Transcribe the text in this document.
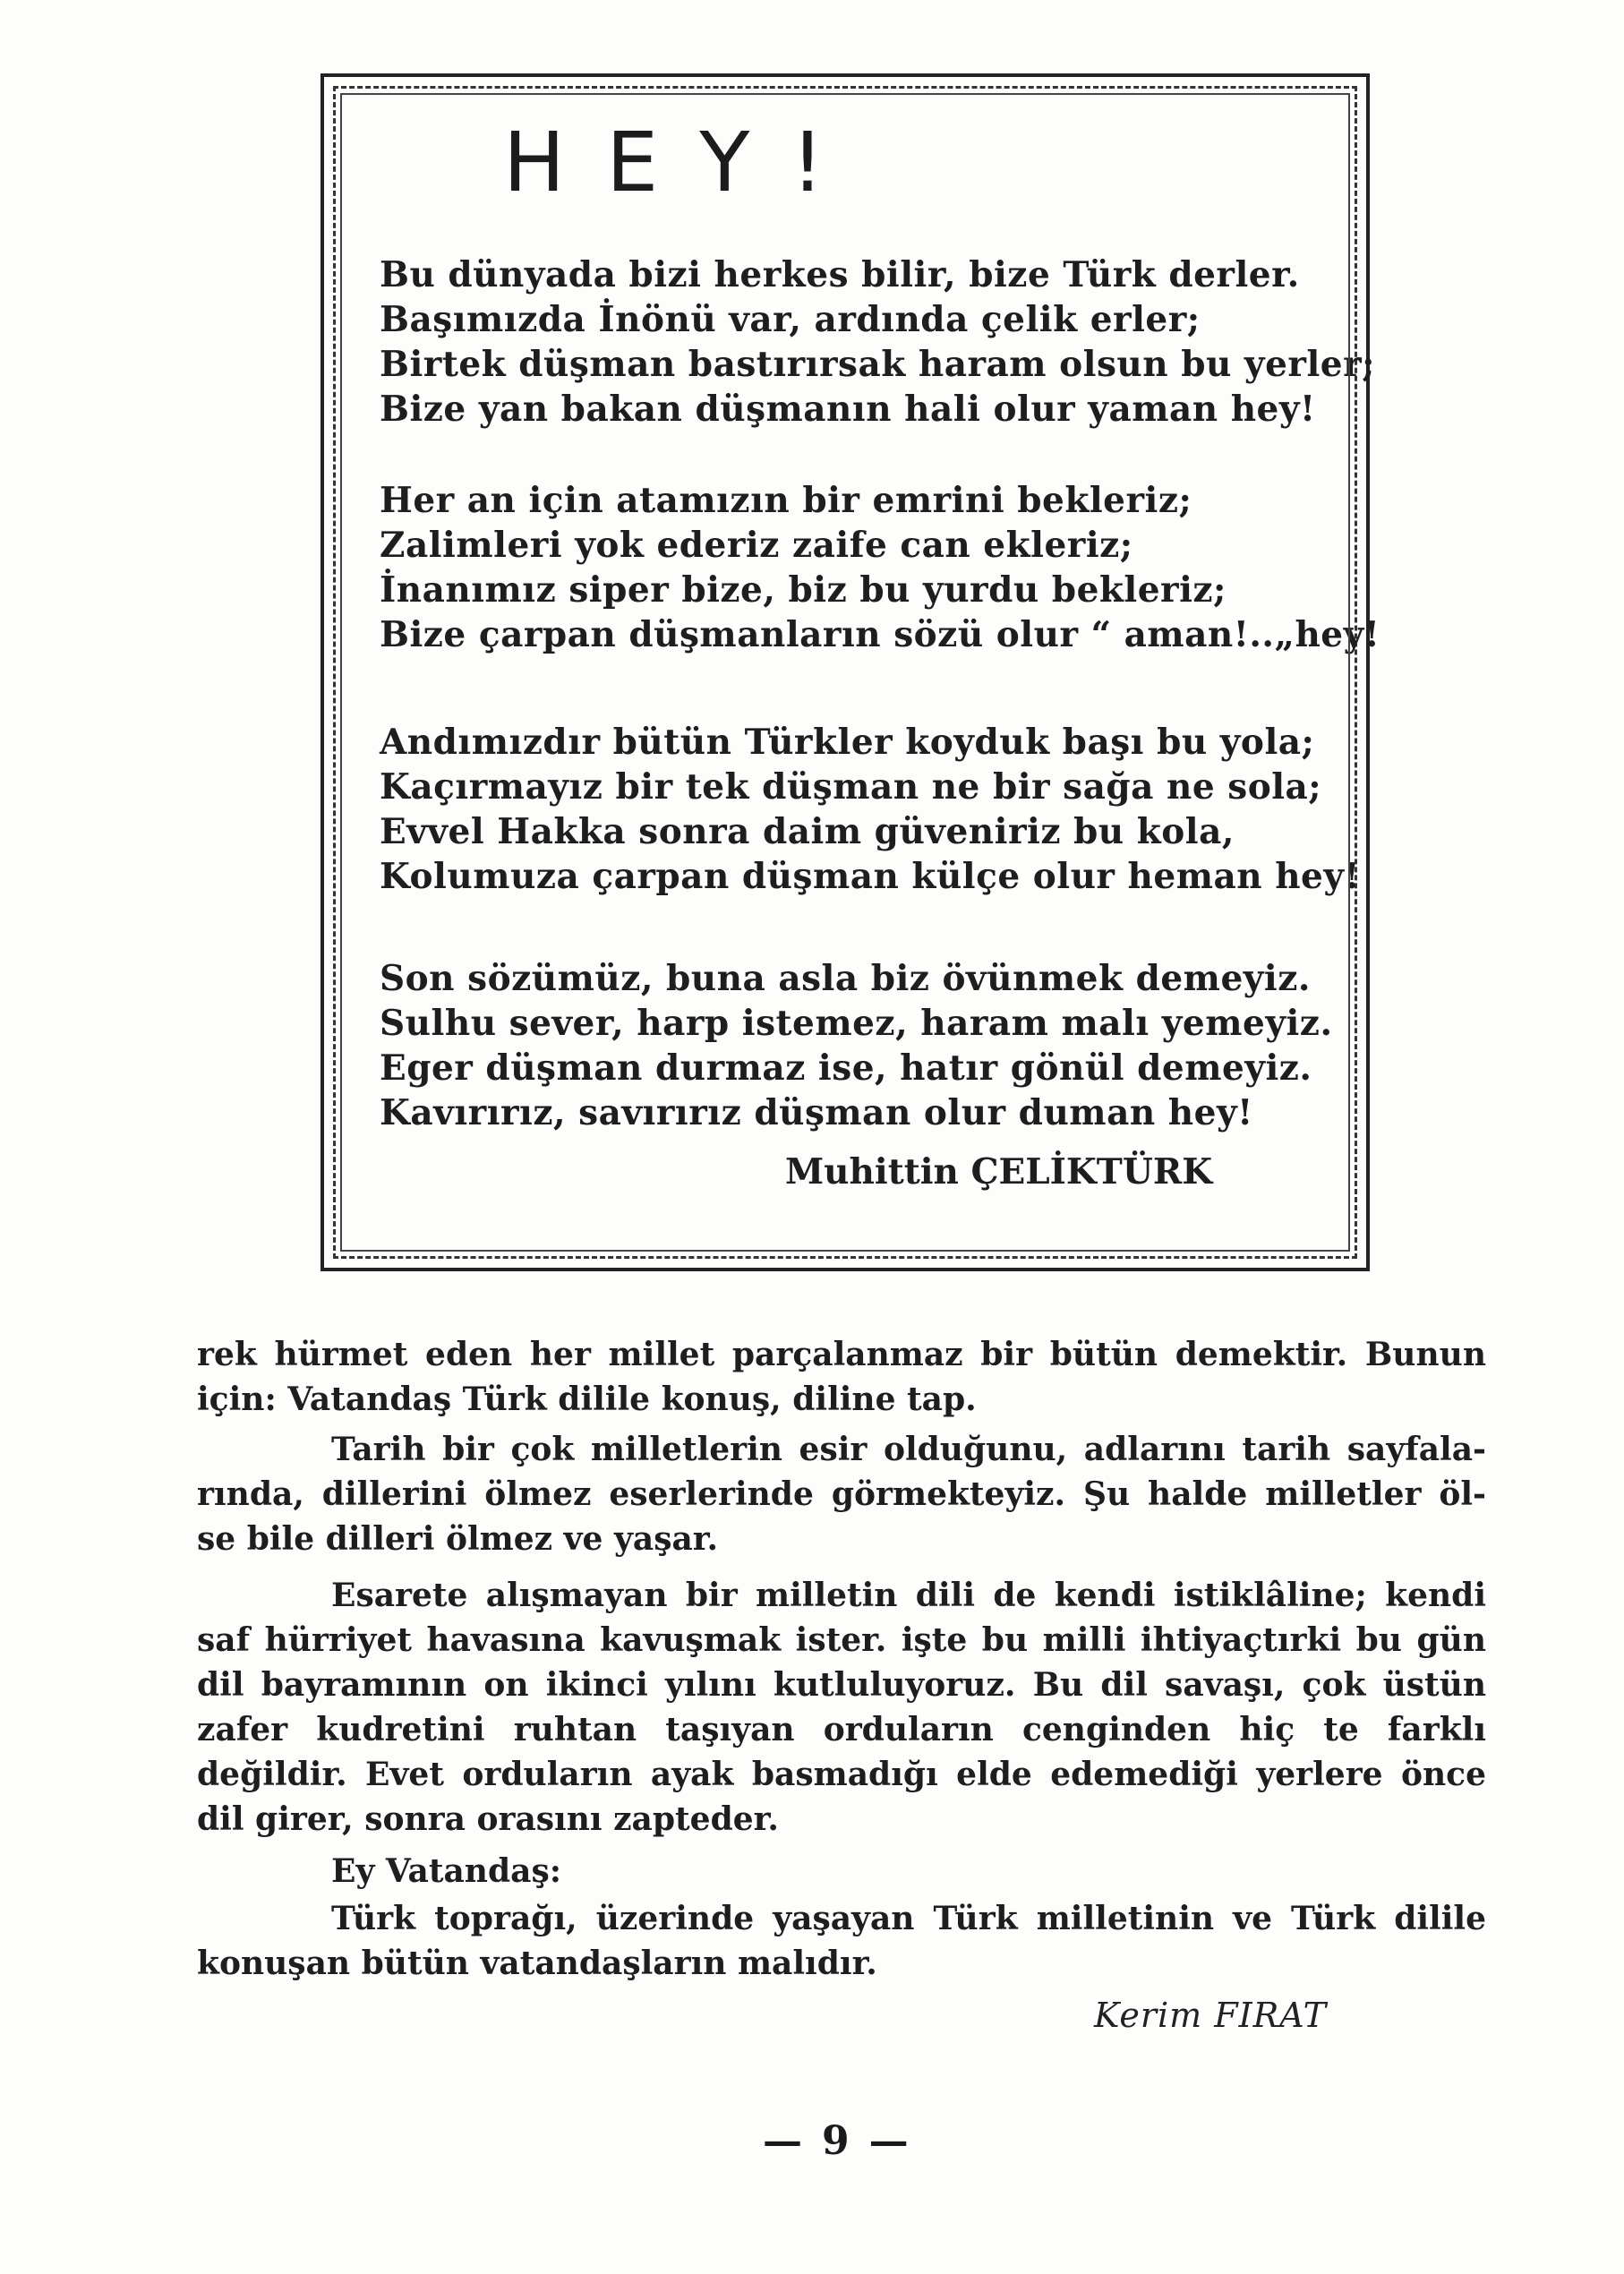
HEY!
Bu dünyada bizi herkes bilir, bize Türk derler.
Başımızda İnönü var, ardında çelik erler;
Birtek düşman bastırırsak haram olsun bu yerler;
Bize yan bakan düşmanın hali olur yaman hey!
Her an için atamızın bir emrini bekleriz;
Zalimleri yok ederiz zaife can ekleriz;
İnanımız siper bize, biz bu yurdu bekleriz;
Bize çarpan düşmanların sözü olur “ aman!..„hey!
Andımızdır bütün Türkler koyduk başı bu yola;
Kaçırmayız bir tek düşman ne bir sağa ne sola;
Evvel Hakka sonra daim güveniriz bu kola,
Kolumuza çarpan düşman külçe olur heman hey!
Son sözümüz, buna asla biz övünmek demeyiz.
Sulhu sever, harp istemez, haram malı yemeyiz.
Eger düşman durmaz ise, hatır gönül demeyiz.
Kavırırız, savırırız düşman olur duman hey!

Muhittin ÇELİKTÜRK

rek hürmet eden her millet parçalanmaz bir bütün demektir. Bunun
için: Vatandaş Türk dilile konuş, diline tap.
Tarih bir çok milletlerin esir olduğunu, adlarını tarih sayfala-
rında, dillerini ölmez eserlerinde görmekteyiz. Şu halde milletler öl-
se bile dilleri ölmez ve yaşar.
Esarete alışmayan bir milletin dili de kendi istiklâline; kendi
saf hürriyet havasına kavuşmak ister. işte bu milli ihtiyaçtırki bu gün
dil bayramının on ikinci yılını kutluluyoruz. Bu dil savaşı, çok üstün
zafer kudretini ruhtan taşıyan orduların cenginden hiç te farklı
değildir. Evet orduların ayak basmadığı elde edemediği yerlere önce
dil girer, sonra orasını zapteder.
Ey Vatandaş:
Türk toprağı, üzerinde yaşayan Türk milletinin ve Türk dilile
konuşan bütün vatandaşların malıdır.

Kerim FIRAT

— 9 —
